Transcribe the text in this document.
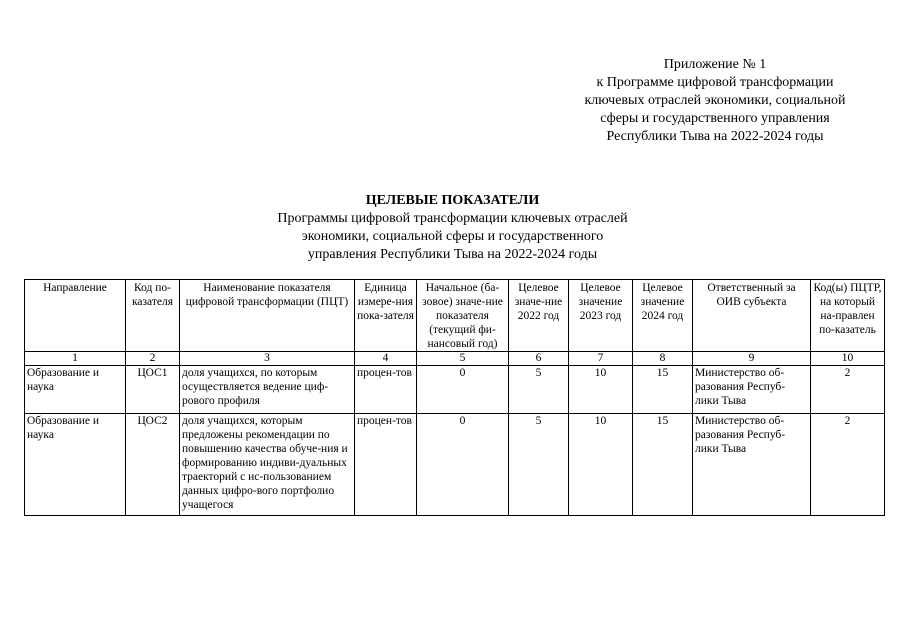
Приложение № 1
к Программе цифровой трансформации
ключевых отраслей экономики, социальной
сферы и государственного управления
Республики Тыва на 2022-2024 годы
ЦЕЛЕВЫЕ ПОКАЗАТЕЛИ
Программы цифровой трансформации ключевых отраслей
экономики, социальной сферы и государственного
управления Республики Тыва на 2022-2024 годы
Направление	Код по-казателя	Наименование показателя цифровой трансформации (ПЦТ)	Единица измере-ния пока-зателя	Начальное (ба-зовое) значе-ние показателя (текущий фи-нансовый год)	Целевое значе-ние 2022 год	Целевое значение 2023 год	Целевое значение 2024 год	Ответственный за ОИВ субъекта	Код(ы) ПЦТР, на который на-правлен по-казатель
1	2	3	4	5	6	7	8	9	10
Образование и наука	ЦОС1	доля учащихся, по которым осуществляется ведение циф-рового профиля	процен-тов	0	5	10	15	Министерство об-разования Респуб-лики Тыва	2
Образование и наука	ЦОС2	доля учащихся, которым предложены рекомендации по повышению качества обуче-ния и формированию индиви-дуальных траекторий с ис-пользованием данных цифро-вого портфолио учащегося	процен-тов	0	5	10	15	Министерство об-разования Респуб-лики Тыва	2
